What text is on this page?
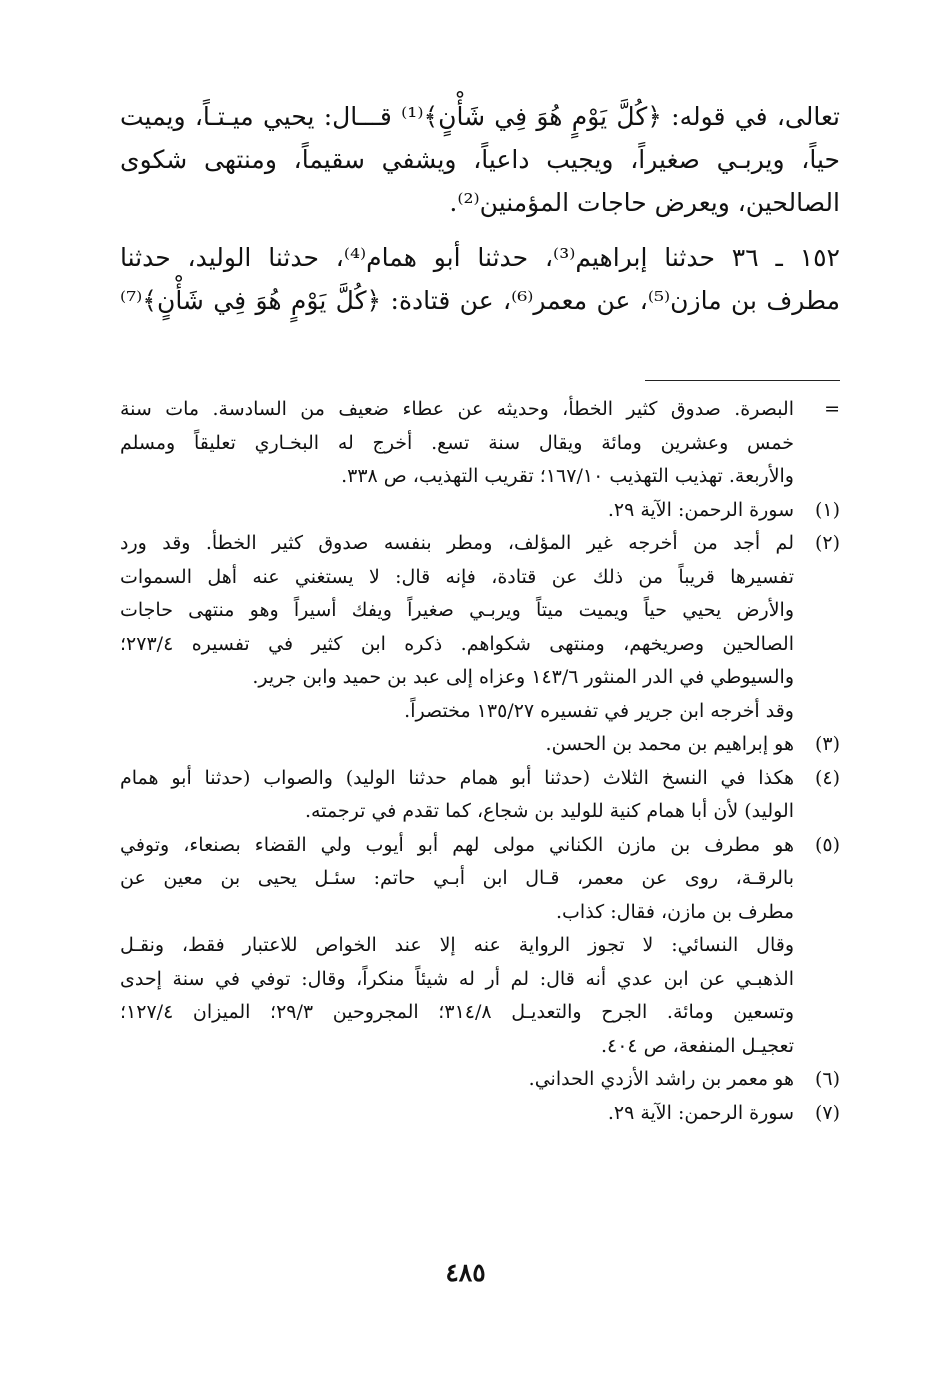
تعالى، في قوله: ﴿كُلَّ يَوْمٍ هُوَ فِي شَأْنٍ﴾⁽¹⁾ قـــال: يحيي ميـتـاً، ويميت
حياً، ويربـي صغيراً، ويجيب داعياً، ويشفي سقيماً، ومنتهى شكوى
الصالحين، ويعرض حاجات المؤمنين⁽²⁾.

١٥٢ ـ ٣٦ حدثنا إبراهيم⁽³⁾، حدثنا أبو همام⁽⁴⁾، حدثنا الوليد، حدثنا
مطرف بن مازن⁽⁵⁾، عن معمر⁽⁶⁾، عن قتادة: ﴿كُلَّ يَوْمٍ هُوَ فِي شَأْنٍ﴾⁽⁷⁾

=
البصرة. صدوق كثير الخطأ، وحديثه عن عطاء ضعيف من السادسة. مات سنة
خمس وعشرين ومائة ويقال سنة تسع. أخرج له البخـاري تعليقاً ومسلم
والأربعة. تهذيب التهذيب ١٦٧/١٠؛ تقريب التهذيب، ص ٣٣٨.
(١)
سورة الرحمن: الآية ٢٩.
(٢)
لم أجد من أخرجه غير المؤلف، ومطر بنفسه صدوق كثير الخطأ. وقد ورد
تفسيرها قريباً من ذلك عن قتادة، فإنه قال: لا يستغني عنه أهل السموات
والأرض يحيي حياً ويميت ميتاً ويربـي صغيراً ويفك أسيراً وهو منتهى حاجات
الصالحين وصريخهم، ومنتهى شكواهم. ذكره ابن كثير في تفسيره ٢٧٣/٤؛
والسيوطي في الدر المنثور ١٤٣/٦ وعزاه إلى عبد بن حميد وابن جرير.
وقد أخرجه ابن جرير في تفسيره ١٣٥/٢٧ مختصراً.
(٣)
هو إبراهيم بن محمد بن الحسن.
(٤)
هكذا في النسخ الثلاث (حدثنا أبو همام حدثنا الوليد) والصواب (حدثنا أبو همام
الوليد) لأن أبا همام كنية للوليد بن شجاع، كما تقدم في ترجمته.
(٥)
هو مطرف بن مازن الكناني مولى لهم أبو أيوب ولي القضاء بصنعاء، وتوفي
بالرقـة، روى عن معمر، قـال ابن أبـي حاتم: سئـل يحيى بن معين عن
مطرف بن مازن، فقال: كذاب.
وقال النسائي: لا تجوز الرواية عنه إلا عند الخواص للاعتبار فقط، ونقـل
الذهبـي عن ابن عدي أنه قال: لم أر له شيئاً منكراً، وقال: توفي في سنة إحدى
وتسعين ومائة. الجرح والتعديـل ٣١٤/٨؛ المجروحين ٢٩/٣؛ الميزان ١٢٧/٤؛
تعجيـل المنفعة، ص ٤٠٤.
(٦)
هو معمر بن راشد الأزدي الحداني.
(٧)
سورة الرحمن: الآية ٢٩.
٤٨٥
